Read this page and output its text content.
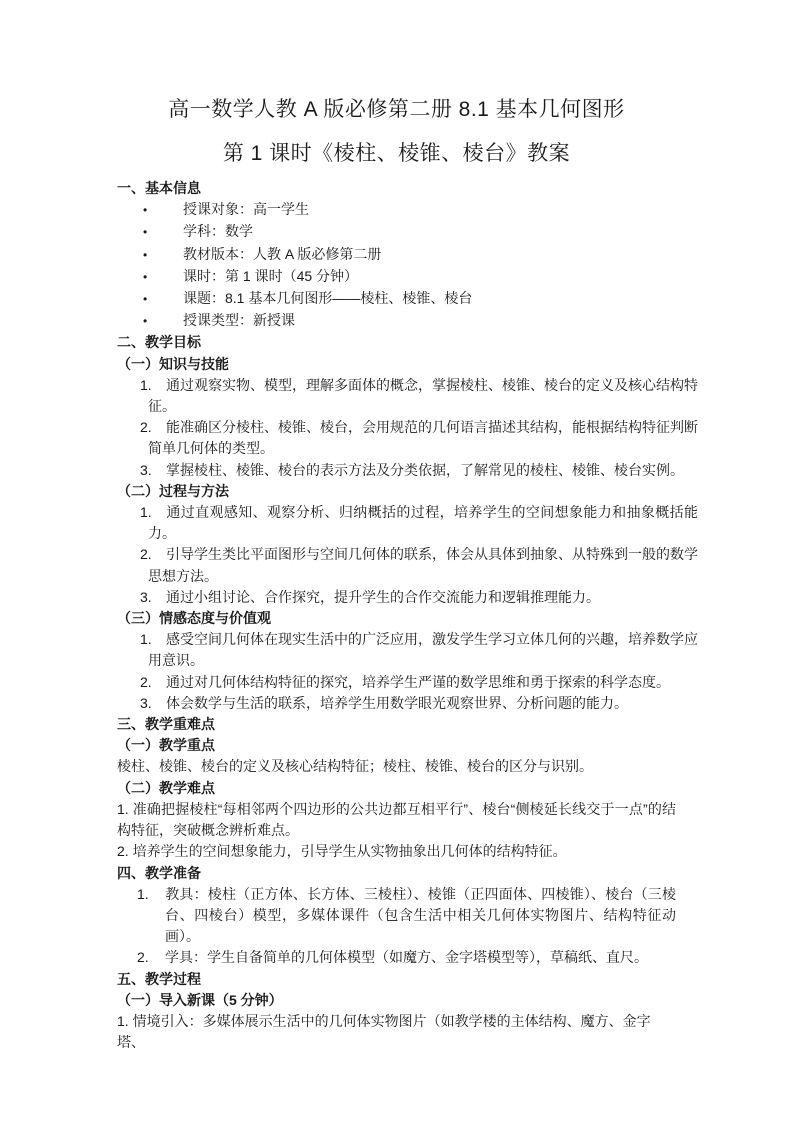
高一数学人教 A 版必修第二册 8.1 基本几何图形
第 1 课时《棱柱、棱锥、棱台》教案
一、基本信息
•	授课对象：高一学生
•	学科：数学
•	教材版本：人教 A 版必修第二册
•	课时：第 1 课时（45 分钟）
•	课题：8.1 基本几何图形——棱柱、棱锥、棱台
•	授课类型：新授课
二、教学目标
（一）知识与技能
1. 通过观察实物、模型，理解多面体的概念，掌握棱柱、棱锥、棱台的定义及核心结构特征。
2. 能准确区分棱柱、棱锥、棱台，会用规范的几何语言描述其结构，能根据结构特征判断简单几何体的类型。
3. 掌握棱柱、棱锥、棱台的表示方法及分类依据，了解常见的棱柱、棱锥、棱台实例。
（二）过程与方法
1. 通过直观感知、观察分析、归纳概括的过程，培养学生的空间想象能力和抽象概括能力。
2. 引导学生类比平面图形与空间几何体的联系，体会从具体到抽象、从特殊到一般的数学思想方法。
3. 通过小组讨论、合作探究，提升学生的合作交流能力和逻辑推理能力。
（三）情感态度与价值观
1. 感受空间几何体在现实生活中的广泛应用，激发学生学习立体几何的兴趣，培养数学应用意识。
2. 通过对几何体结构特征的探究，培养学生严谨的数学思维和勇于探索的科学态度。
3. 体会数学与生活的联系，培养学生用数学眼光观察世界、分析问题的能力。
三、教学重难点
（一）教学重点

棱柱、棱锥、棱台的定义及核心结构特征；棱柱、棱锥、棱台的区分与识别。

（二）教学难点

1. 准确把握棱柱“每相邻两个四边形的公共边都互相平行”、棱台“侧棱延长线交于一点”的结构特征，突破概念辨析难点。

2. 培养学生的空间想象能力，引导学生从实物抽象出几何体的结构特征。

四、教学准备
1. 教具：棱柱（正方体、长方体、三棱柱）、棱锥（正四面体、四棱锥）、棱台（三棱台、四棱台）模型，多媒体课件（包含生活中相关几何体实物图片、结构特征动画）。
2. 学具：学生自备简单的几何体模型（如魔方、金字塔模型等），草稿纸、直尺。
五、教学过程
（一）导入新课（5 分钟）

1. 情境引入：多媒体展示生活中的几何体实物图片（如教学楼的主体结构、魔方、金字塔、
